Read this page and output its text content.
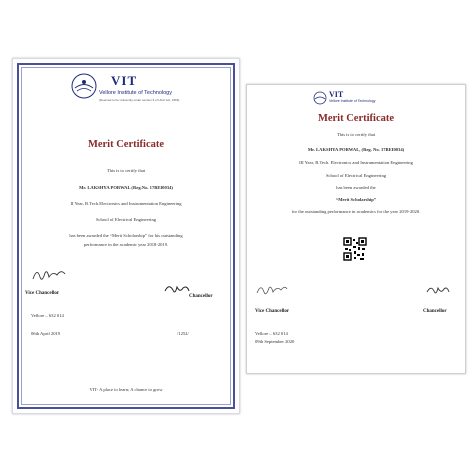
VIT
Vellore Institute of Technology
(Deemed to be University under section 3 of UGC Act, 1956)
Merit Certificate
This is to certify that
Mr. LAKSHYA PORWAL (Reg.No. 17BEI0034)
II Year, B.Tech.Electronics and Instrumentation Engineering
School of Electrical Engineering
has been awarded the “Merit Scholarship” for his outstanding
performance in the academic year 2018-2019.
Vice Chancellor
Chancellor
Vellore – 632 014
06th April 2019	/1252/
VIT- A place to learn; A chance to grow
VIT
Vellore Institute of Technology
Merit Certificate
This is to certify that
Mr. LAKSHYA PORWAL, (Reg. No. 17BEI0034)
III Year, B.Tech. Electronics and Instrumentation Engineering
School of Electrical Engineering
has been awarded the
“Merit Scholarship”
for the outstanding performance in academics for the year 2019-2020.
Vice Chancellor	Chancellor
Vellore – 632 014
09th September 2020
